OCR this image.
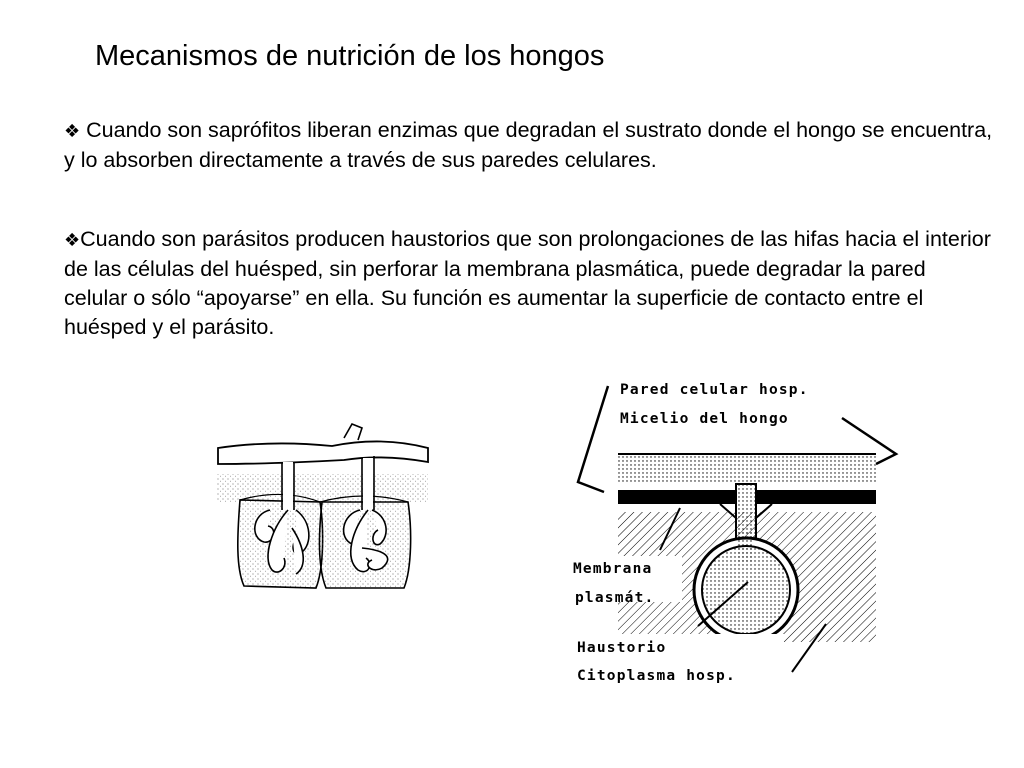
Mecanismos de nutrición de los hongos
❖ Cuando son saprófitos liberan enzimas que degradan el sustrato donde el hongo se encuentra, y lo absorben directamente a través de sus paredes celulares.
❖Cuando son parásitos producen haustorios que son prolongaciones de las hifas hacia el interior de las células del huésped, sin perforar la membrana plasmática, puede degradar la pared celular o sólo “apoyarse” en ella. Su función es aumentar la superficie de contacto entre el huésped y el parásito.
Pared celular hosp.
Micelio del hongo
Membrana
plasmát.
Haustorio
Citoplasma hosp.
